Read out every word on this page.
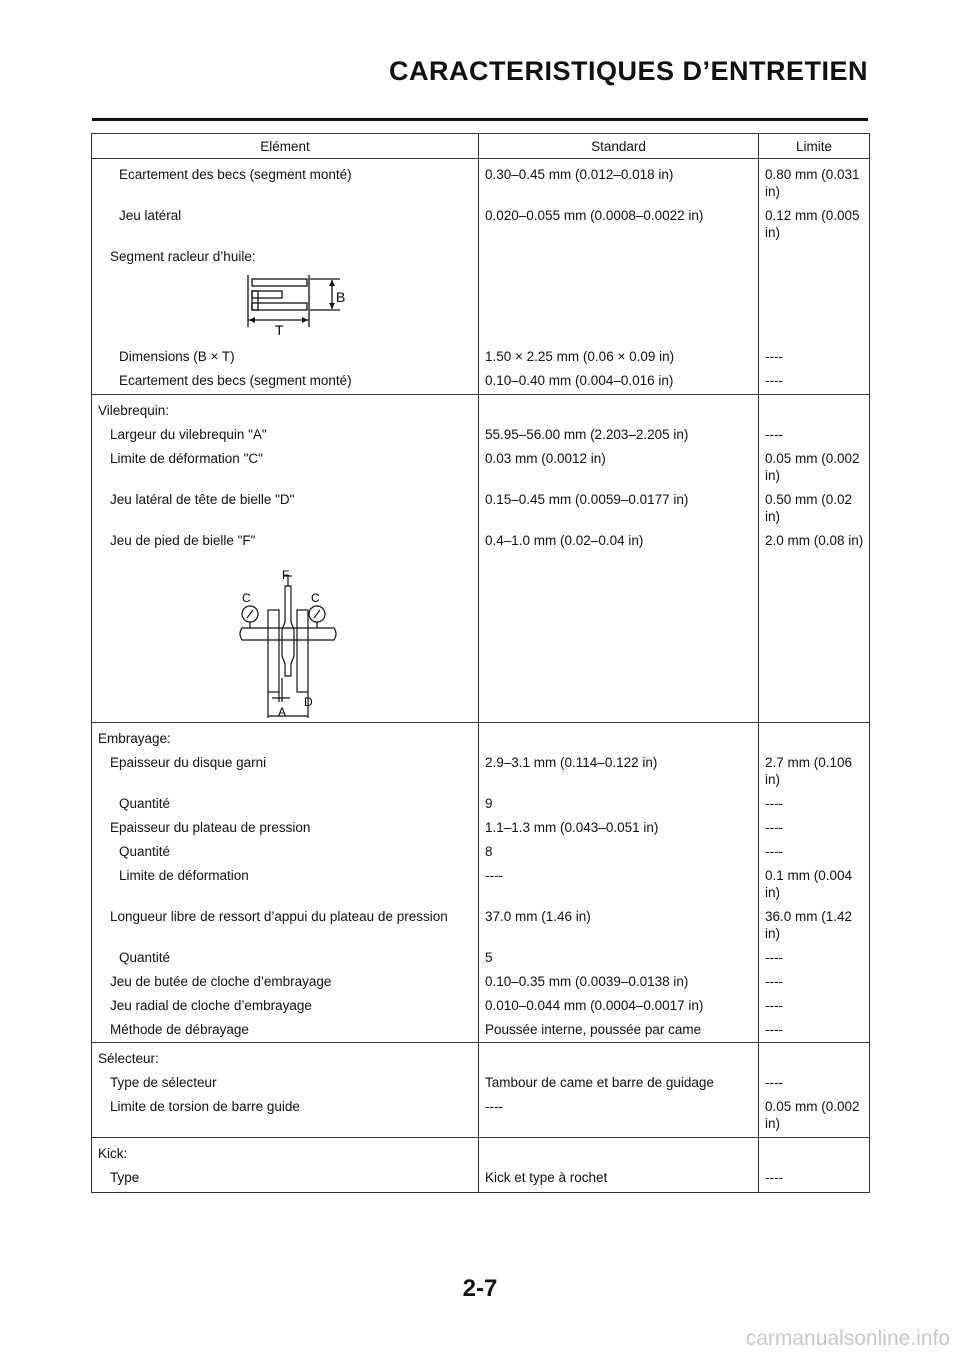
CARACTERISTIQUES D’ENTRETIEN
Elément	Standard	Limite
Ecartement des becs (segment monté)	0.30–0.45 mm (0.012–0.018 in)	0.80 mm (0.031 in)
Jeu latéral	0.020–0.055 mm (0.0008–0.0022 in)	0.12 mm (0.005 in)
Segment racleur d’huile:		

B
T		

Dimensions (B × T)	1.50 × 2.25 mm (0.06 × 0.09 in)	----
Ecartement des becs (segment monté)	0.10–0.40 mm (0.004–0.016 in)	----
Vilebrequin:		
Largeur du vilebrequin "A"	55.95–56.00 mm (2.203–2.205 in)	----
Limite de déformation "C"	0.03 mm (0.0012 in)	0.05 mm (0.002 in)
Jeu latéral de tête de bielle "D"	0.15–0.45 mm (0.0059–0.0177 in)	0.50 mm (0.02 in)
Jeu de pied de bielle "F"	0.4–1.0 mm (0.02–0.04 in)	2.0 mm (0.08 in)

F
C C
D
A		

Embrayage:		
Epaisseur du disque garni	2.9–3.1 mm (0.114–0.122 in)	2.7 mm (0.106 in)
Quantité	9	----
Epaisseur du plateau de pression	1.1–1.3 mm (0.043–0.051 in)	----
Quantité	8	----
Limite de déformation	----	0.1 mm (0.004 in)
Longueur libre de ressort d’appui du plateau de pression	37.0 mm (1.46 in)	36.0 mm (1.42 in)
Quantité	5	----
Jeu de butée de cloche d’embrayage	0.10–0.35 mm (0.0039–0.0138 in)	----
Jeu radial de cloche d’embrayage	0.010–0.044 mm (0.0004–0.0017 in)	----
Méthode de débrayage	Poussée interne, poussée par came	----
Sélecteur:		
Type de sélecteur	Tambour de came et barre de guidage	----
Limite de torsion de barre guide	----	0.05 mm (0.002 in)
Kick:		
Type	Kick et type à rochet	----
2-7
carmanualsonline.info
